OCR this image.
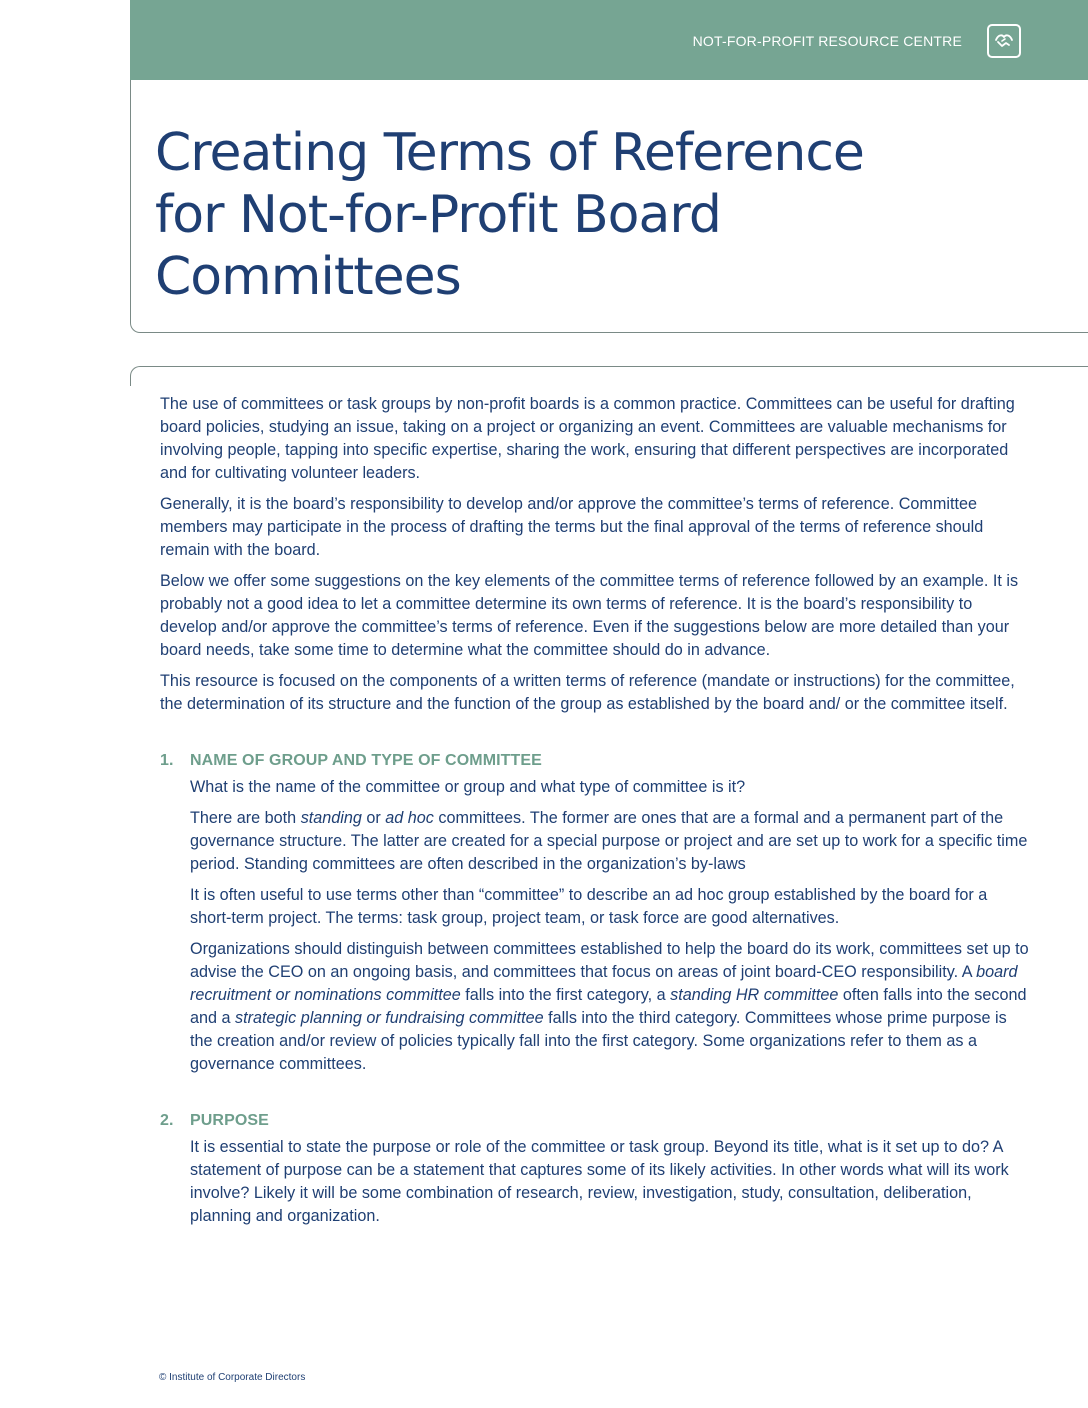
NOT-FOR-PROFIT RESOURCE CENTRE
Creating Terms of Reference
for Not-for-Profit Board
Committees

The use of committees or task groups by non-profit boards is a common practice. Committees can be useful for drafting board policies, studying an issue, taking on a project or organizing an event. Committees are valuable mechanisms for involving people, tapping into specific expertise, sharing the work, ensuring that different perspectives are incorporated and for cultivating volunteer leaders.

Generally, it is the board’s responsibility to develop and/or approve the committee’s terms of reference. Committee members may participate in the process of drafting the terms but the final approval of the terms of reference should remain with the board.

Below we offer some suggestions on the key elements of the committee terms of reference followed by an example. It is probably not a good idea to let a committee determine its own terms of reference. It is the board’s responsibility to develop and/or approve the committee’s terms of reference. Even if the suggestions below are more detailed than your board needs, take some time to determine what the committee should do in advance.

This resource is focused on the components of a written terms of reference (mandate or instructions) for the committee, the determination of its structure and the function of the group as established by the board and/ or the committee itself.

1.	NAME OF GROUP AND TYPE OF COMMITTEE

What is the name of the committee or group and what type of committee is it?

There are both standing or ad hoc committees. The former are ones that are a formal and a permanent part of the governance structure. The latter are created for a special purpose or project and are set up to work for a specific time period. Standing committees are often described in the organization’s by-laws

It is often useful to use terms other than “committee” to describe an ad hoc group established by the board for a short-term project. The terms: task group, project team, or task force are good alternatives.

Organizations should distinguish between committees established to help the board do its work, committees set up to advise the CEO on an ongoing basis, and committees that focus on areas of joint board-CEO responsibility. A board recruitment or nominations committee falls into the first category, a standing HR committee often falls into the second and a strategic planning or fundraising committee falls into the third category. Committees whose prime purpose is the creation and/or review of policies typically fall into the first category. Some organizations refer to them as a governance committees.

2.	PURPOSE

It is essential to state the purpose or role of the committee or task group. Beyond its title, what is it set up to do? A statement of purpose can be a statement that captures some of its likely activities. In other words what will its work involve? Likely it will be some combination of research, review, investigation, study, consultation, deliberation, planning and organization.

© Institute of Corporate Directors
